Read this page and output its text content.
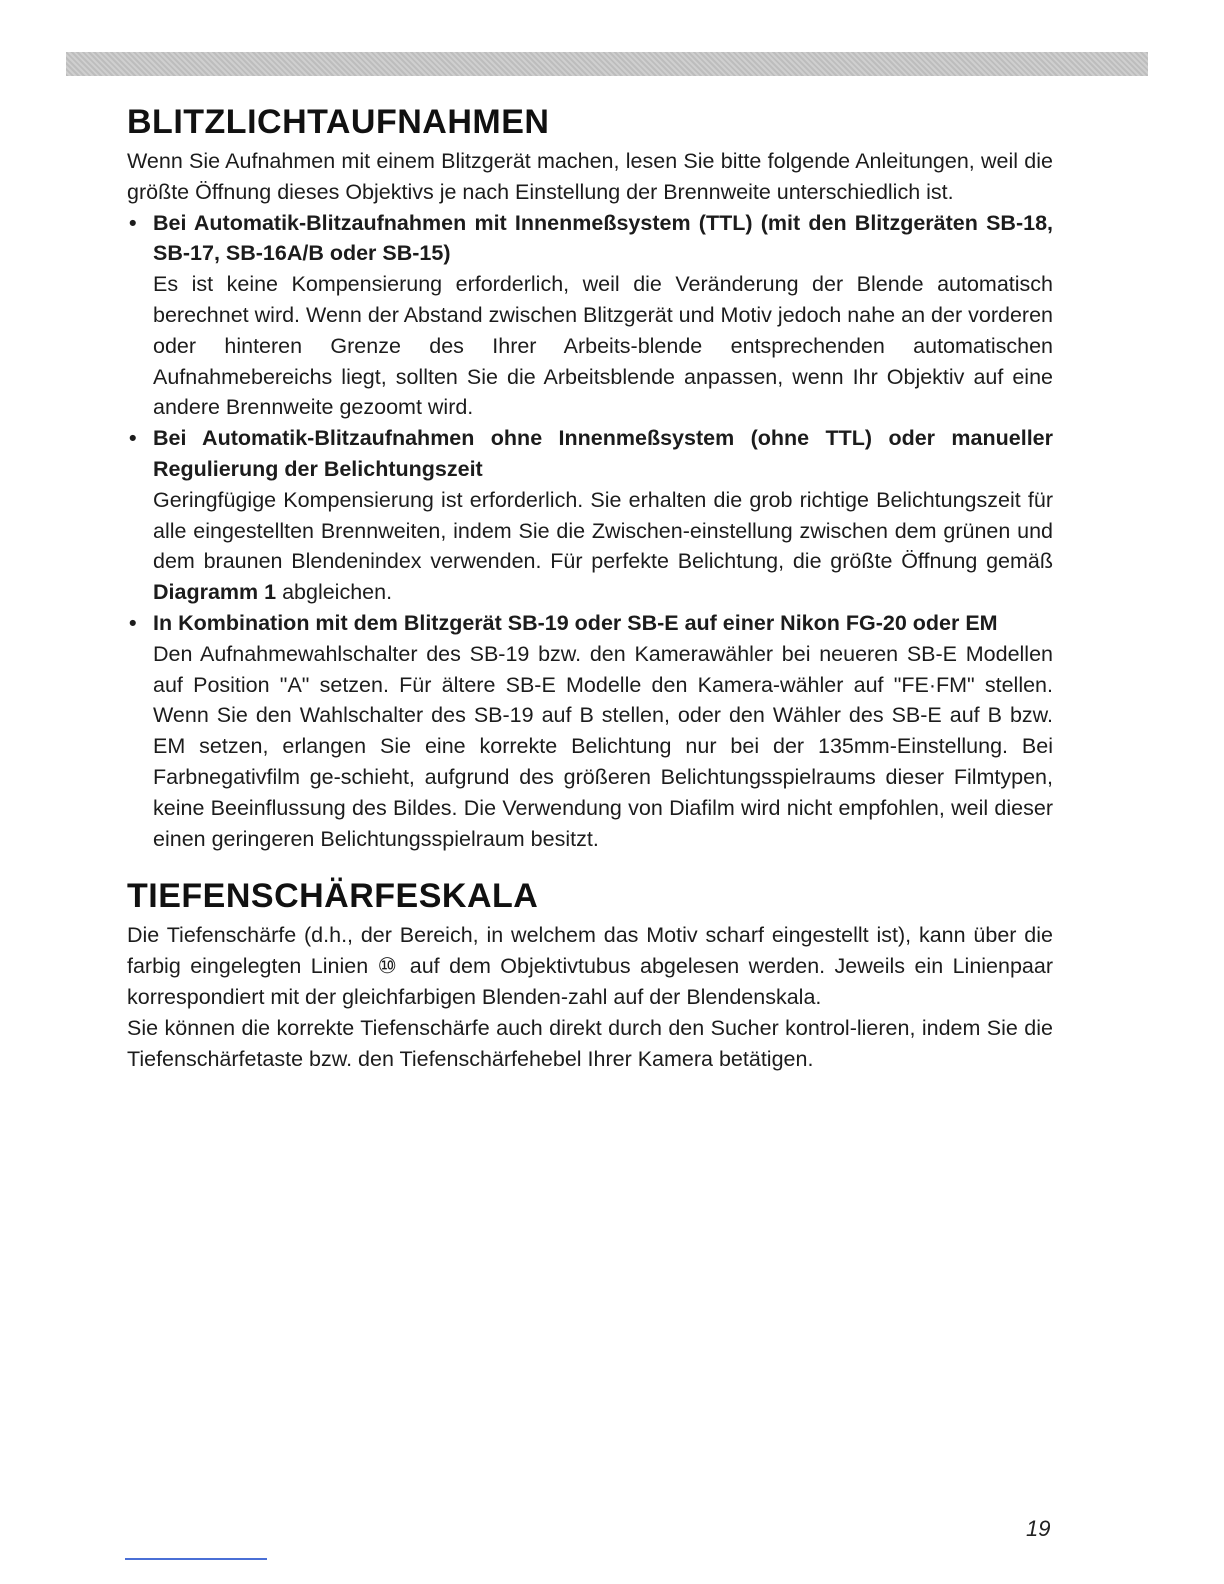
BLITZLICHTAUFNAHMEN

Wenn Sie Aufnahmen mit einem Blitzgerät machen, lesen Sie bitte folgende Anleitungen, weil die größte Öffnung dieses Objektivs je nach Einstellung der Brennweite unterschiedlich ist.

• Bei Automatik-Blitzaufnahmen mit Innenmeßsystem (TTL) (mit den Blitzgeräten SB-18, SB-17, SB-16A/B oder SB-15)

Es ist keine Kompensierung erforderlich, weil die Veränderung der Blende automatisch berechnet wird. Wenn der Abstand zwischen Blitzgerät und Motiv jedoch nahe an der vorderen oder hinteren Grenze des Ihrer Arbeits-blende entsprechenden automatischen Aufnahmebereichs liegt, sollten Sie die Arbeitsblende anpassen, wenn Ihr Objektiv auf eine andere Brennweite gezoomt wird.

• Bei Automatik-Blitzaufnahmen ohne Innenmeßsystem (ohne TTL) oder manueller Regulierung der Belichtungszeit

Geringfügige Kompensierung ist erforderlich. Sie erhalten die grob richtige Belichtungszeit für alle eingestellten Brennweiten, indem Sie die Zwischen-einstellung zwischen dem grünen und dem braunen Blendenindex verwenden. Für perfekte Belichtung, die größte Öffnung gemäß Diagramm 1 abgleichen.

• In Kombination mit dem Blitzgerät SB-19 oder SB-E auf einer Nikon FG-20 oder EM

Den Aufnahmewahlschalter des SB-19 bzw. den Kamerawähler bei neueren SB-E Modellen auf Position "A" setzen. Für ältere SB-E Modelle den Kamera-wähler auf "FE·FM" stellen. Wenn Sie den Wahlschalter des SB-19 auf B stellen, oder den Wähler des SB-E auf B bzw. EM setzen, erlangen Sie eine korrekte Belichtung nur bei der 135mm-Einstellung. Bei Farbnegativfilm ge-schieht, aufgrund des größeren Belichtungsspielraums dieser Filmtypen, keine Beeinflussung des Bildes. Die Verwendung von Diafilm wird nicht empfohlen, weil dieser einen geringeren Belichtungsspielraum besitzt.

TIEFENSCHÄRFESKALA

Die Tiefenschärfe (d.h., der Bereich, in welchem das Motiv scharf eingestellt ist), kann über die farbig eingelegten Linien ⑩ auf dem Objektivtubus abgelesen werden. Jeweils ein Linienpaar korrespondiert mit der gleichfarbigen Blenden-zahl auf der Blendenskala.

Sie können die korrekte Tiefenschärfe auch direkt durch den Sucher kontrol-lieren, indem Sie die Tiefenschärfetaste bzw. den Tiefenschärfehebel Ihrer Kamera betätigen.

19
